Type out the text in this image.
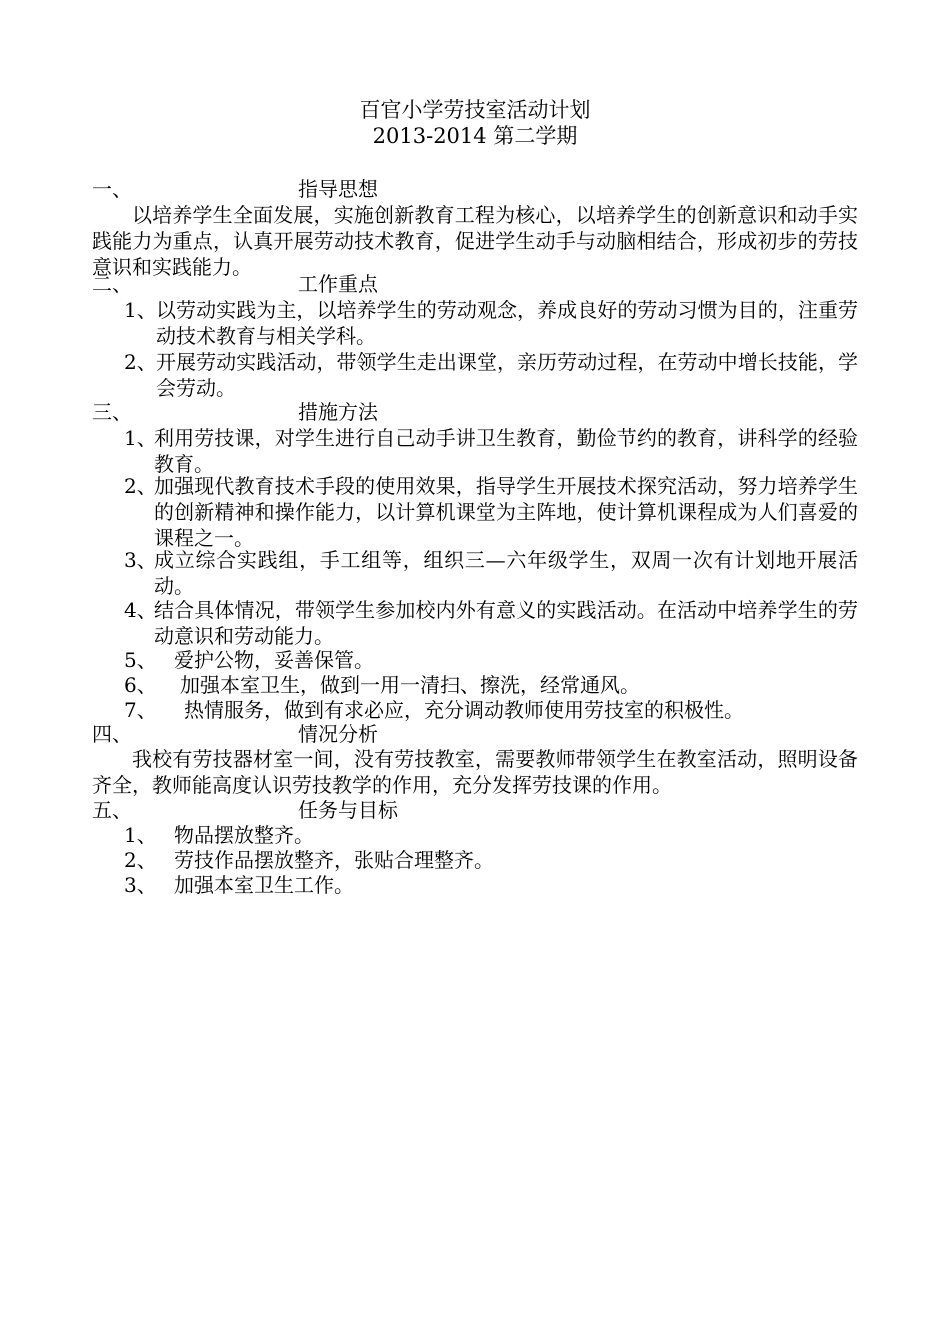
百官小学劳技室活动计划
2013-2014 第二学期
一、	指导思想
以培养学生全面发展，实施创新教育工程为核心，以培养学生的创新意识和动手实践能力为重点，认真开展劳动技术教育，促进学生动手与动脑相结合，形成初步的劳技意识和实践能力。
二、	工作重点
1、 以劳动实践为主，以培养学生的劳动观念，养成良好的劳动习惯为目的，注重劳动技术教育与相关学科。
2、 开展劳动实践活动，带领学生走出课堂，亲历劳动过程，在劳动中增长技能，学会劳动。
三、	措施方法
1、
利用劳技课，对学生进行自己动手讲卫生教育，勤俭节约的教育，讲科学的经验教育。
2、
加强现代教育技术手段的使用效果，指导学生开展技术探究活动，努力培养学生的创新精神和操作能力，以计算机课堂为主阵地，使计算机课程成为人们喜爱的课程之一。
3、
成立综合实践组，手工组等，组织三—六年级学生，双周一次有计划地开展活动。
4、
结合具体情况，带领学生参加校内外有意义的实践活动。在活动中培养学生的劳动意识和劳动能力。
5、 爱护公物，妥善保管。
6、 加强本室卫生，做到一用一清扫、擦洗，经常通风。
7、 热情服务，做到有求必应，充分调动教师使用劳技室的积极性。
四、	情况分析
我校有劳技器材室一间，没有劳技教室，需要教师带领学生在教室活动，照明设备齐全，教师能高度认识劳技教学的作用，充分发挥劳技课的作用。
五、	任务与目标
1、 物品摆放整齐。
2、 劳技作品摆放整齐，张贴合理整齐。
3、 加强本室卫生工作。
